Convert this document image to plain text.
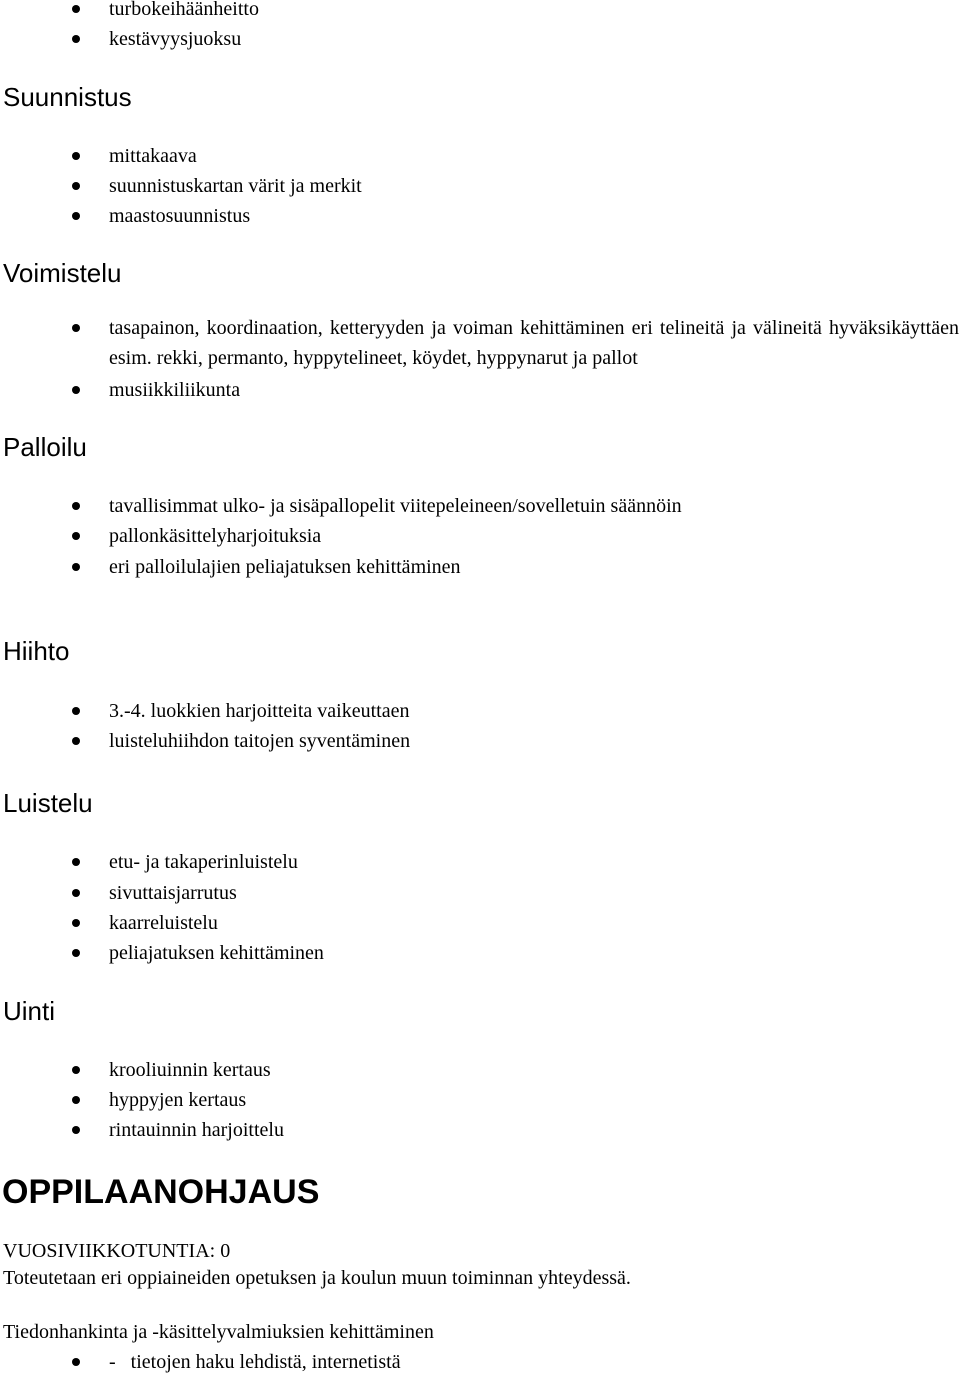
turbokeihäänheitto

kestävyysjuoksu

Suunnistus

mittakaava

suunnistuskartan värit ja merkit

maastosuunnistus

Voimistelu

tasapainon, koordinaation, ketteryyden ja voiman kehittäminen eri telineitä ja välineitä hyväksikäyttäen esim. rekki, permanto, hyppytelineet, köydet, hyppynarut ja pallot

musiikkiliikunta

Palloilu

tavallisimmat ulko- ja sisäpallopelit viitepeleineen/sovelletuin säännöin

pallonkäsittelyharjoituksia

eri palloilulajien peliajatuksen kehittäminen

Hiihto

3.-4. luokkien harjoitteita vaikeuttaen

luisteluhiihdon taitojen syventäminen

Luistelu

etu- ja takaperinluistelu

sivuttaisjarrutus

kaarreluistelu

peliajatuksen kehittäminen

Uinti

krooliuinnin kertaus

hyppyjen kertaus

rintauinnin harjoittelu

OPPILAANOHJAUS

VUOSIVIIKKOTUNTIA: 0

Toteutetaan eri oppiaineiden opetuksen ja koulun muun toiminnan yhteydessä.

Tiedonhankinta ja -käsittelyvalmiuksien kehittäminen

-   tietojen haku lehdistä, internetistä
